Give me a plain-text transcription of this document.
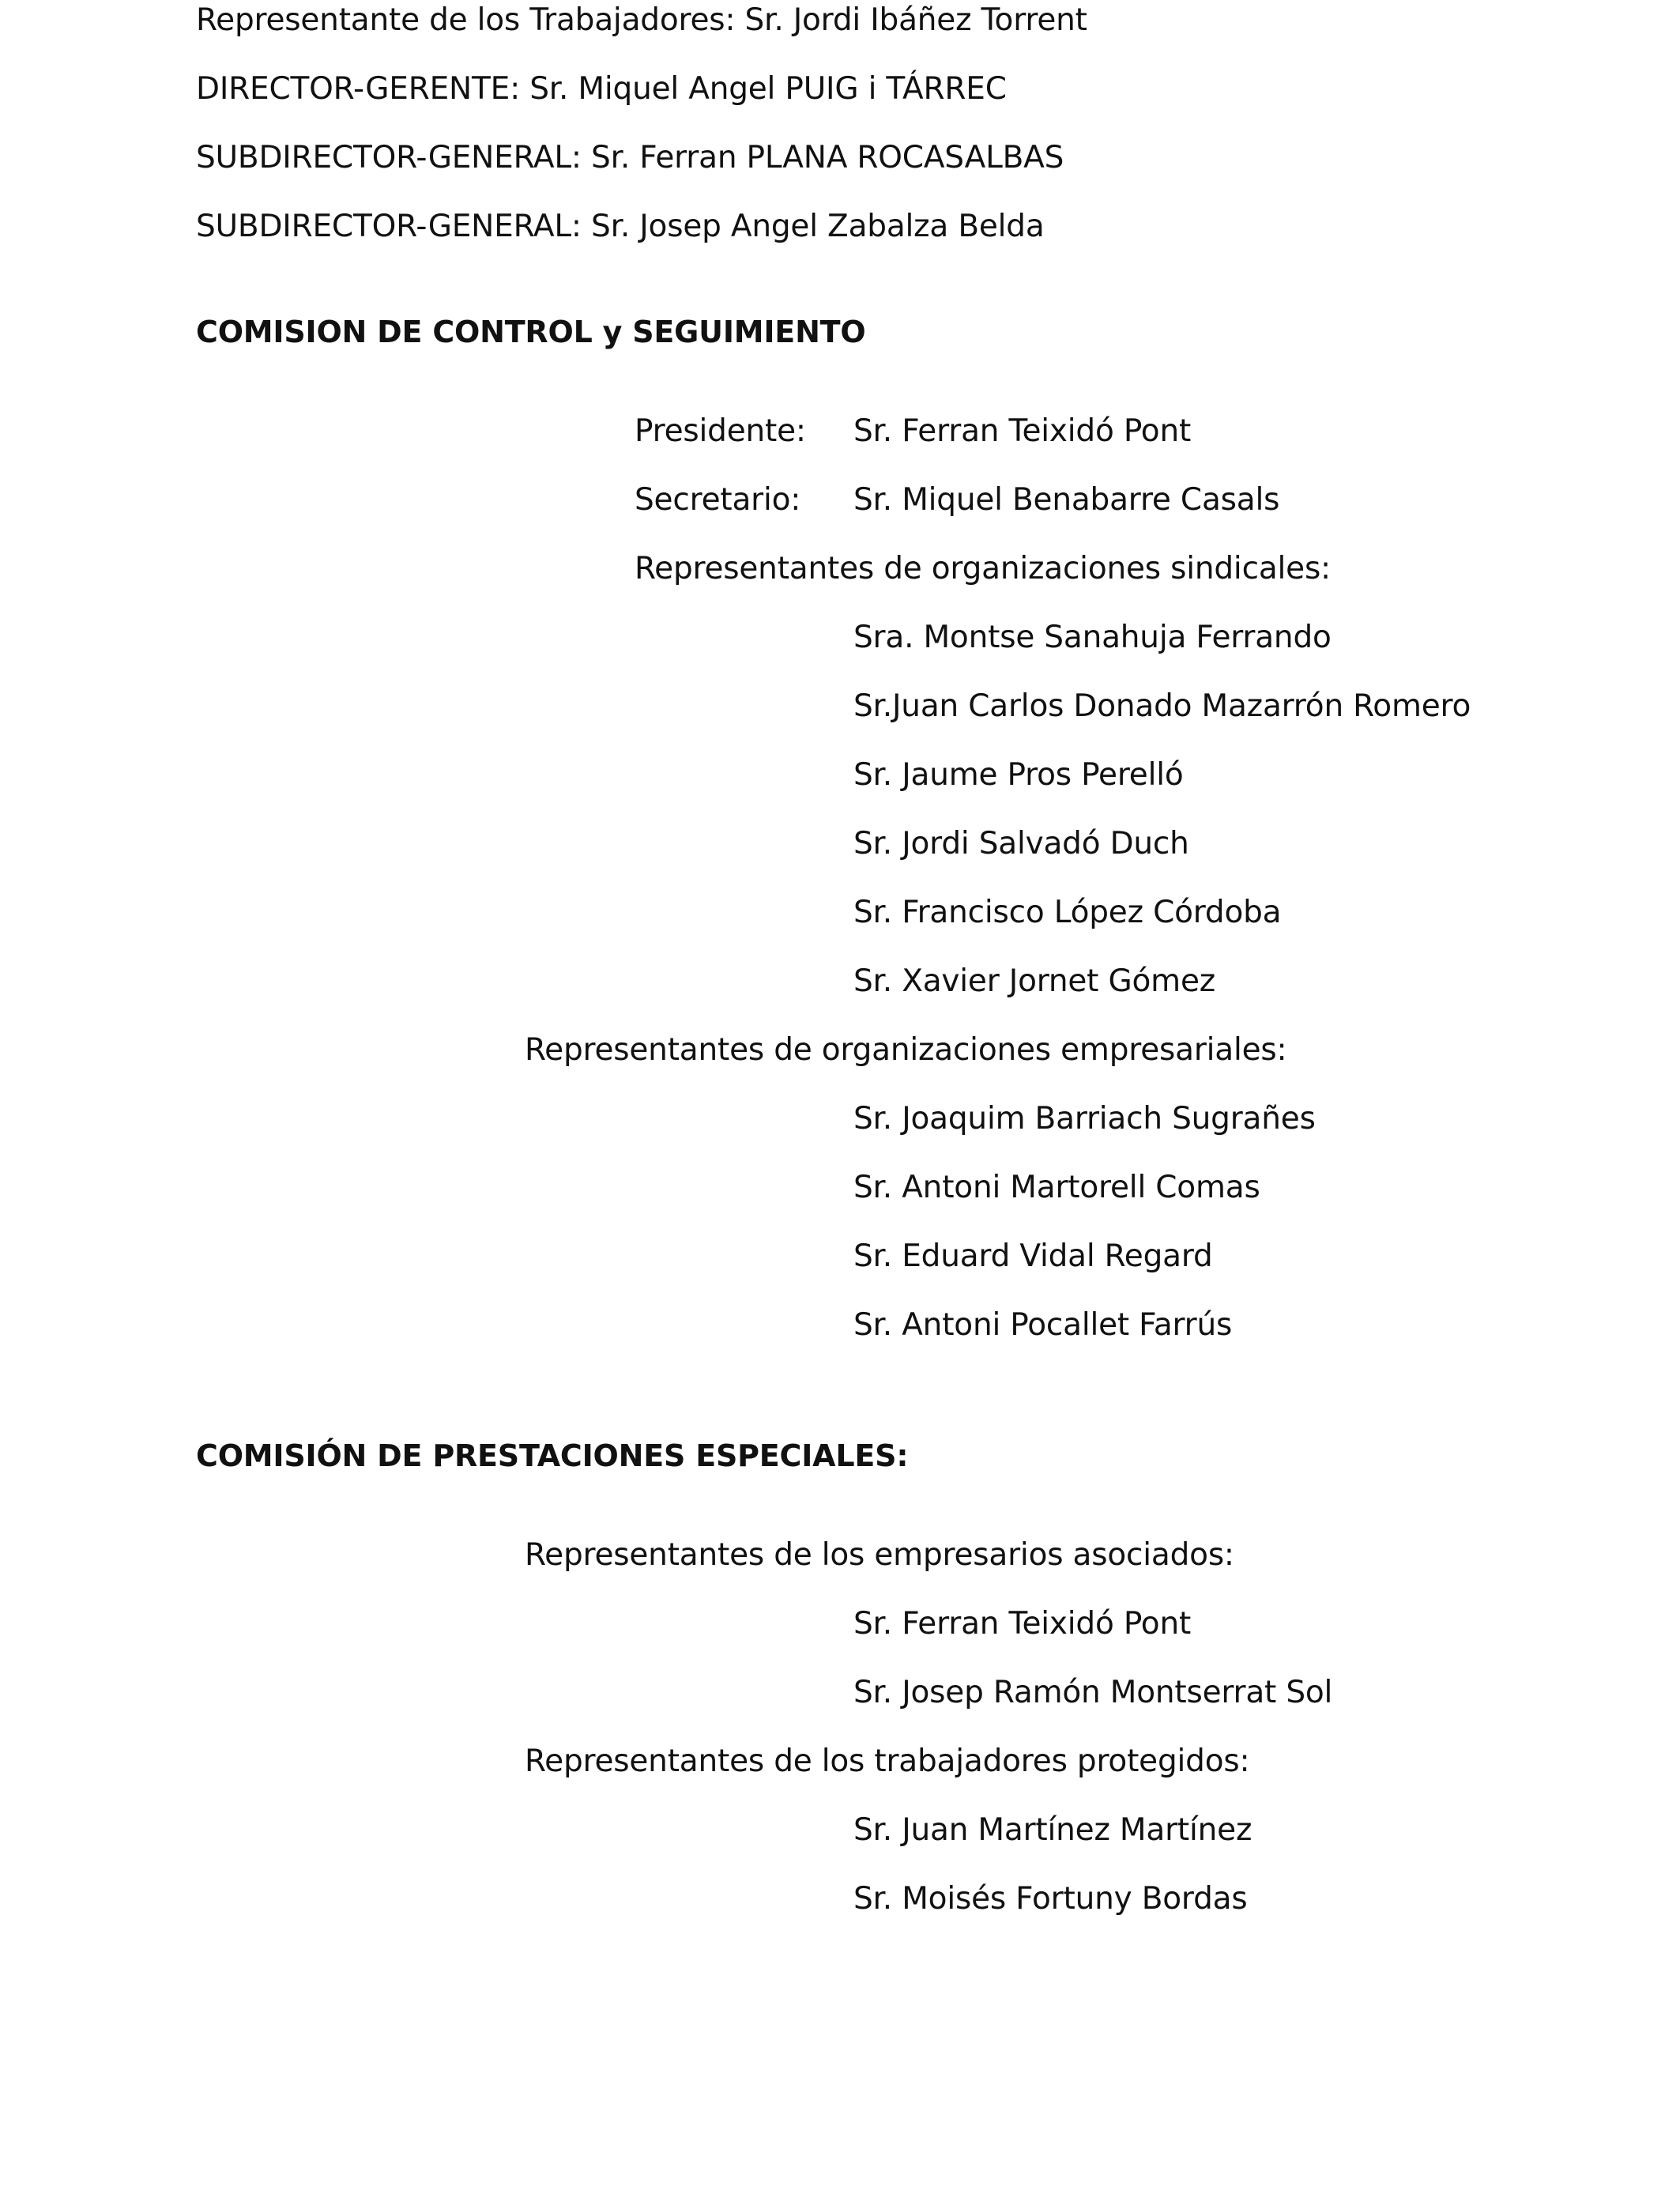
Representante de los Trabajadores: Sr. Jordi Ibáñez Torrent
DIRECTOR-GERENTE: Sr. Miquel Angel PUIG i TÁRREC
SUBDIRECTOR-GENERAL: Sr. Ferran PLANA ROCASALBAS
SUBDIRECTOR-GENERAL: Sr. Josep Angel Zabalza Belda
COMISION DE CONTROL y SEGUIMIENTO
Presidente: Sr. Ferran Teixidó Pont
Secretario: Sr. Miquel Benabarre Casals
Representantes de organizaciones sindicales:
Sra. Montse Sanahuja Ferrando
Sr.Juan Carlos Donado Mazarrón Romero
Sr. Jaume Pros Perelló
Sr. Jordi Salvadó Duch
Sr. Francisco López Córdoba
Sr. Xavier Jornet Gómez
Representantes de organizaciones empresariales:
Sr. Joaquim Barriach Sugrañes
Sr. Antoni Martorell Comas
Sr. Eduard Vidal Regard
Sr. Antoni Pocallet Farrús
COMISIÓN DE PRESTACIONES ESPECIALES:
Representantes de los empresarios asociados:
Sr. Ferran Teixidó Pont
Sr. Josep Ramón Montserrat Sol
Representantes de los trabajadores protegidos:
Sr. Juan Martínez Martínez
Sr. Moisés Fortuny Bordas
